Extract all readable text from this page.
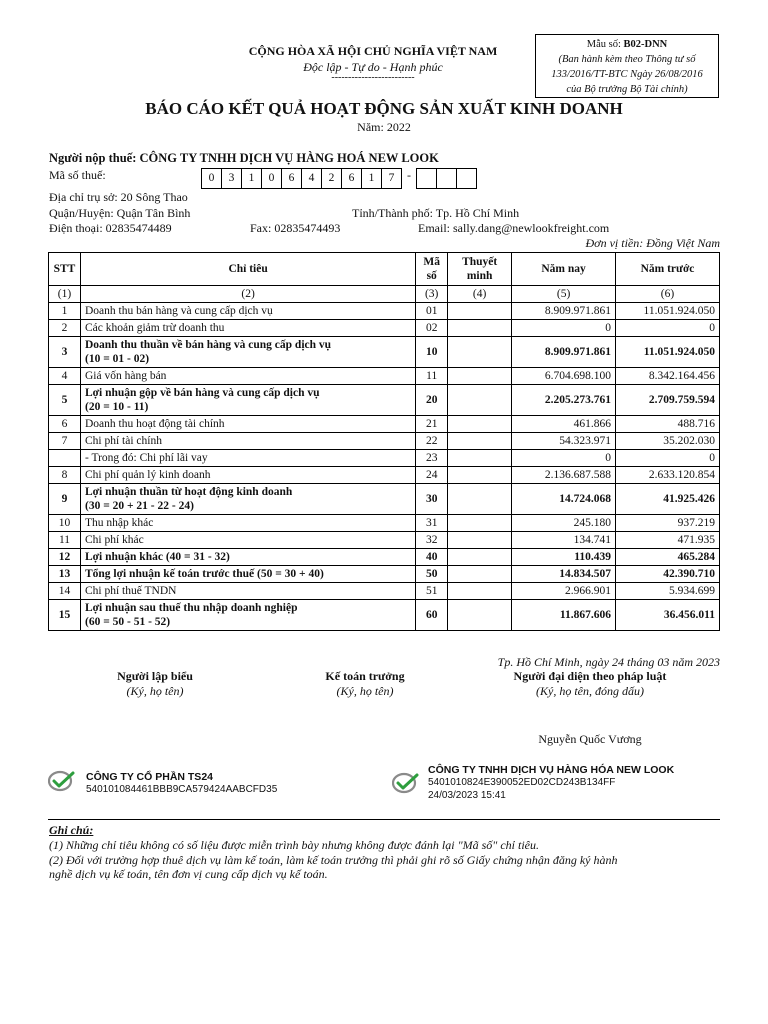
CỘNG HÒA XÃ HỘI CHỦ NGHĨA VIỆT NAM
Độc lập - Tự do - Hạnh phúc
-------------------------
Mẫu số: B02-DNN
(Ban hành kèm theo Thông tư số
133/2016/TT-BTC Ngày 26/08/2016
của Bộ trưởng Bộ Tài chính)
BÁO CÁO KẾT QUẢ HOẠT ĐỘNG SẢN XUẤT KINH DOANH
Năm: 2022
Người nộp thuế: CÔNG TY TNHH DỊCH VỤ HÀNG HOÁ NEW LOOK
Mã số thuế:	0 3 1 0 6 4 2 6 1 7 -
Địa chỉ trụ sở: 20 Sông Thao
Quận/Huyện: Quận Tân Bình	Tỉnh/Thành phố: Tp. Hồ Chí Minh
Điện thoại: 02835474489	Fax: 02835474493	Email: sally.dang@newlookfreight.com
Đơn vị tiền: Đồng Việt Nam
STT	Chỉ tiêu	Mã số	Thuyết minh	Năm nay	Năm trước
(1)	(2)	(3)	(4)	(5)	(6)
1	Doanh thu bán hàng và cung cấp dịch vụ	01		8.909.971.861	11.051.924.050
2	Các khoản giảm trừ doanh thu	02		0	0
3	Doanh thu thuần về bán hàng và cung cấp dịch vụ
(10 = 01 - 02)	10		8.909.971.861	11.051.924.050
4	Giá vốn hàng bán	11		6.704.698.100	8.342.164.456
5	Lợi nhuận gộp về bán hàng và cung cấp dịch vụ
(20 = 10 - 11)	20		2.205.273.761	2.709.759.594
6	Doanh thu hoạt động tài chính	21		461.866	488.716
7	Chi phí tài chính	22		54.323.971	35.202.030
	- Trong đó: Chi phí lãi vay	23		0	0
8	Chi phí quản lý kinh doanh	24		2.136.687.588	2.633.120.854
9	Lợi nhuận thuần từ hoạt động kinh doanh
(30 = 20 + 21 - 22 - 24)	30		14.724.068	41.925.426
10	Thu nhập khác	31		245.180	937.219
11	Chi phí khác	32		134.741	471.935
12	Lợi nhuận khác (40 = 31 - 32)	40		110.439	465.284
13	Tổng lợi nhuận kế toán trước thuế (50 = 30 + 40)	50		14.834.507	42.390.710
14	Chi phí thuế TNDN	51		2.966.901	5.934.699
15	Lợi nhuận sau thuế thu nhập doanh nghiệp
(60 = 50 - 51 - 52)	60		11.867.606	36.456.011
Tp. Hồ Chí Minh, ngày 24 tháng 03 năm 2023
Người lập biểu
(Ký, họ tên)
Kế toán trưởng
(Ký, họ tên)
Người đại diện theo pháp luật
(Ký, họ tên, đóng dấu)
Nguyễn Quốc Vương
CÔNG TY CỔ PHẦN TS24
540101084461BBB9CA579424AABCFD35
CÔNG TY TNHH DỊCH VỤ HÀNG HÓA NEW LOOK
5401010824E390052ED02CD243B134FF
24/03/2023 15:41
Ghi chú:
(1) Những chỉ tiêu không có số liệu được miễn trình bày nhưng không được đánh lại "Mã số" chỉ tiêu.
(2) Đối với trường hợp thuê dịch vụ làm kế toán, làm kế toán trưởng thì phải ghi rõ số Giấy chứng nhận đăng ký hành
nghề dịch vụ kế toán, tên đơn vị cung cấp dịch vụ kế toán.
